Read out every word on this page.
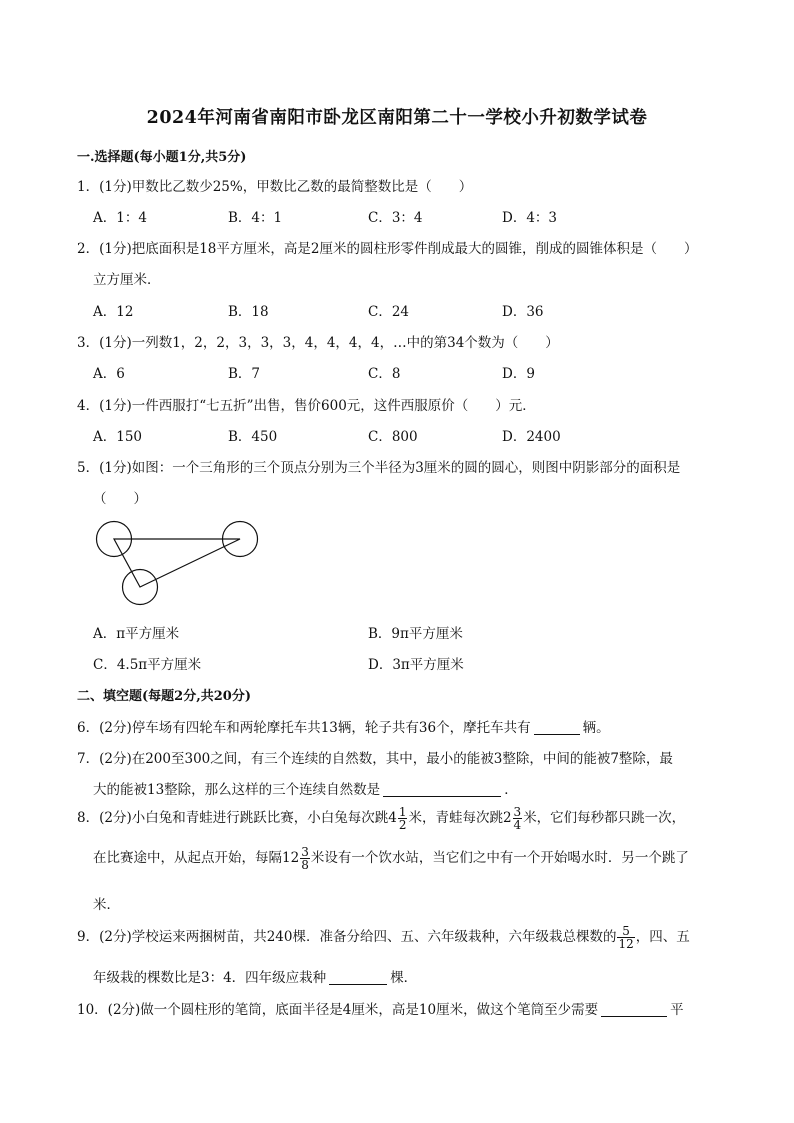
2024年河南省南阳市卧龙区南阳第二十一学校小升初数学试卷
一.选择题(每小题1分,共5分)
1．(1分)甲数比乙数少25%，甲数比乙数的最简整数比是（　　）
A．1：4	B．4：1	C．3：4	D．4：3
2．(1分)把底面积是18平方厘米，高是2厘米的圆柱形零件削成最大的圆锥，削成的圆锥体积是（　　）
立方厘米．
A．12	B．18	C．24	D．36
3．(1分)一列数1，2，2，3，3，3，4，4，4，4，…中的第34个数为（　　）
A．6	B．7	C．8	D．9
4．(1分)一件西服打“七五折”出售，售价600元，这件西服原价（　　）元．
A．150	B．450	C．800	D．2400
5．(1分)如图：一个三角形的三个顶点分别为三个半径为3厘米的圆的圆心，则图中阴影部分的面积是
（　　）
A．π平方厘米	B．9π平方厘米
C．4.5π平方厘米	D．3π平方厘米
二、填空题(每题2分,共20分)
6．(2分)停车场有四轮车和两轮摩托车共13辆，轮子共有36个，摩托车共有	辆。
7．(2分)在200至300之间，有三个连续的自然数，其中，最小的能被3整除，中间的能被7整除，最
大的能被13整除，那么这样的三个连续自然数是	．
8．(2分)小白兔和青蛙进行跳跃比赛，小白兔每次跳$4 \frac{1}{2}$ 米，青蛙每次跳$2 \frac{3}{4}$ 米，它们每秒都只跳一次，
在比赛途中，从起点开始，每隔$12 \frac{3}{8}$ 米设有一个饮水站，当它们之中有一个开始喝水时．另一个跳了
米．
9．(2分)学校运来两捆树苗，共240棵．准备分给四、五、六年级栽种，六年级栽总棵数的 $\frac{5}{12}$ ，四、五
年级栽的棵数比是3：4．四年级应栽种	棵．
10．(2分)做一个圆柱形的笔筒，底面半径是4厘米，高是10厘米，做这个笔筒至少需要	平
